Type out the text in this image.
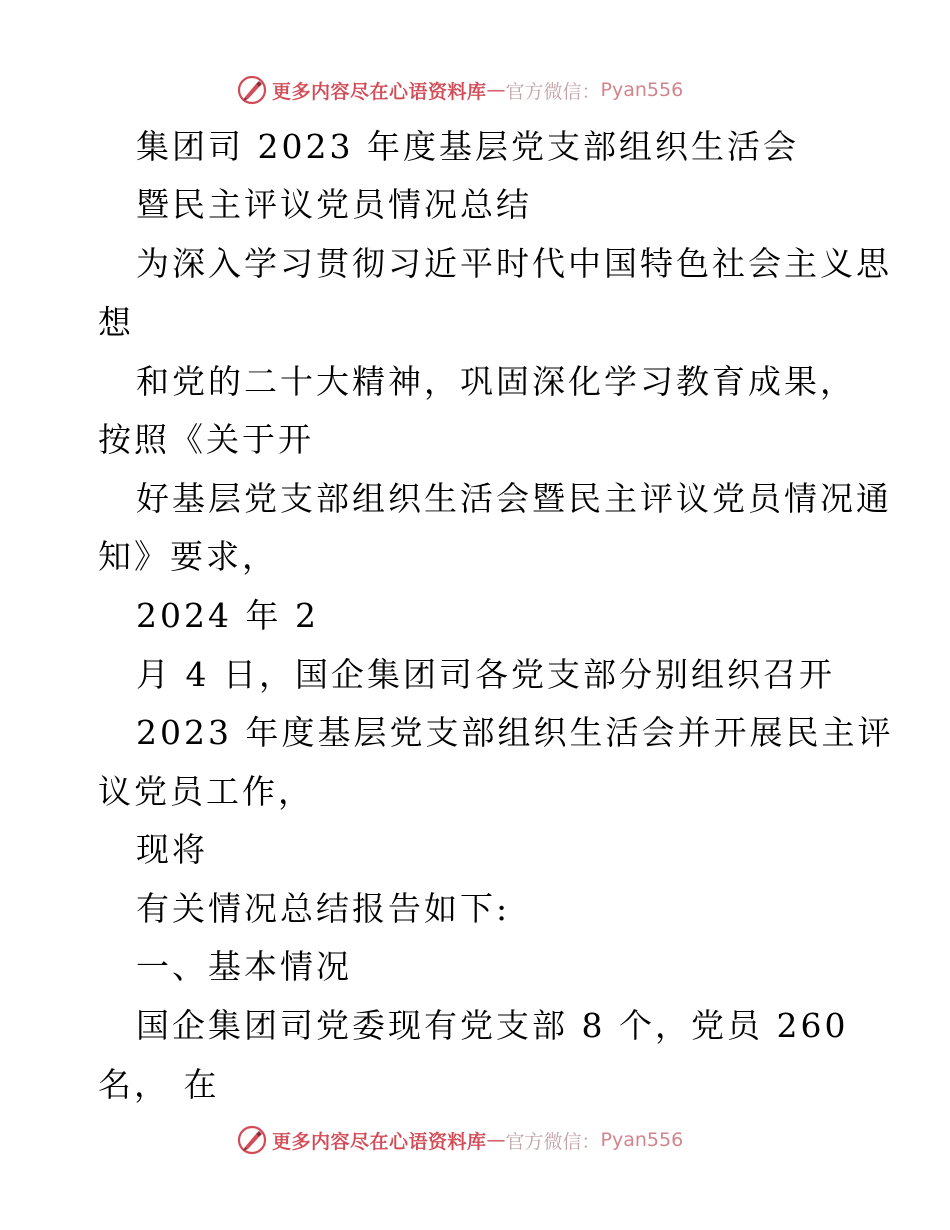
更多内容尽在心语资料库 — 官方微信： Pyan556
集团司 2023 年度基层党支部组织生活会
暨民主评议党员情况总结
为深入学习贯彻习近平时代中国特色社会主义思
想
和党的二十大精神，巩固深化学习教育成果，
按照《关于开
好基层党支部组织生活会暨民主评议党员情况通
知》要求，
2024 年 2
月 4 日，国企集团司各党支部分别组织召开
2023 年度基层党支部组织生活会并开展民主评
议党员工作，
现将
有关情况总结报告如下:
一、基本情况
国企集团司党委现有党支部 8 个，党员 260
名， 在
更多内容尽在心语资料库 — 官方微信： Pyan556
